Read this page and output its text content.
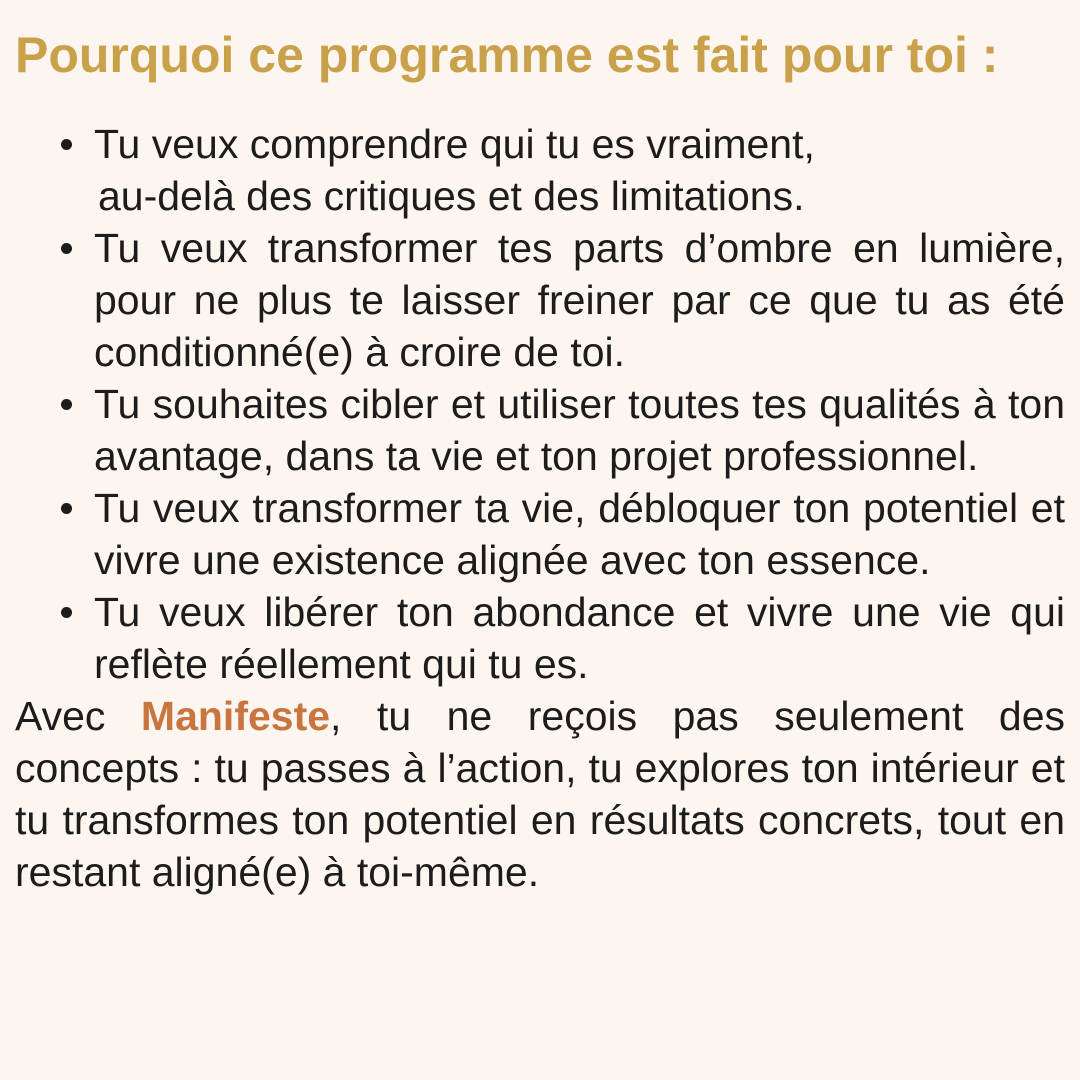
Pourquoi ce programme est fait pour toi :
Tu veux comprendre qui tu es vraiment,
au-delà des critiques et des limitations.
Tu veux transformer tes parts d’ombre en lumière, pour ne plus te laisser freiner par ce que tu as été conditionné(e) à croire de toi.
Tu souhaites cibler et utiliser toutes tes qualités à ton avantage, dans ta vie et ton projet professionnel.
Tu veux transformer ta vie, débloquer ton potentiel et vivre une existence alignée avec ton essence.
Tu veux libérer ton abondance et vivre une vie qui reflète réellement qui tu es.

Avec Manifeste, tu ne reçois pas seulement des concepts : tu passes à l’action, tu explores ton intérieur et tu transformes ton potentiel en résultats concrets, tout en restant aligné(e) à toi-même.
